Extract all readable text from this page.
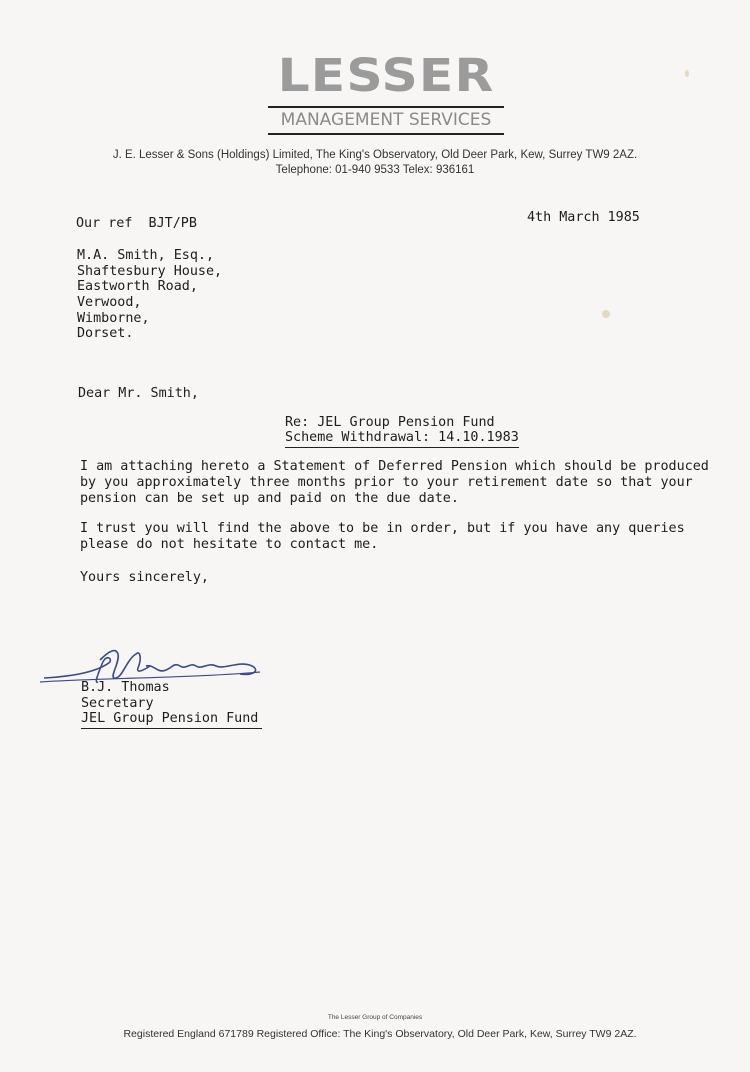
LESSER
MANAGEMENT SERVICES
J. E. Lesser & Sons (Holdings) Limited, The King's Observatory, Old Deer Park, Kew, Surrey TW9 2AZ.
Telephone: 01-940 9533 Telex: 936161
Our ref  BJT/PB	4th March 1985
M.A. Smith, Esq.,
Shaftesbury House,
Eastworth Road,
Verwood,
Wimborne,
Dorset.
Dear Mr. Smith,
Re: JEL Group Pension Fund
Scheme Withdrawal: 14.10.1983
I am attaching hereto a Statement of Deferred Pension which should be produced
by you approximately three months prior to your retirement date so that your
pension can be set up and paid on the due date.
I trust you will find the above to be in order, but if you have any queries
please do not hesitate to contact me.
Yours sincerely,
B.J. Thomas
Secretary
JEL Group Pension Fund
The Lesser Group of Companies
Registered England 671789 Registered Office: The King's Observatory, Old Deer Park, Kew, Surrey TW9 2AZ.
